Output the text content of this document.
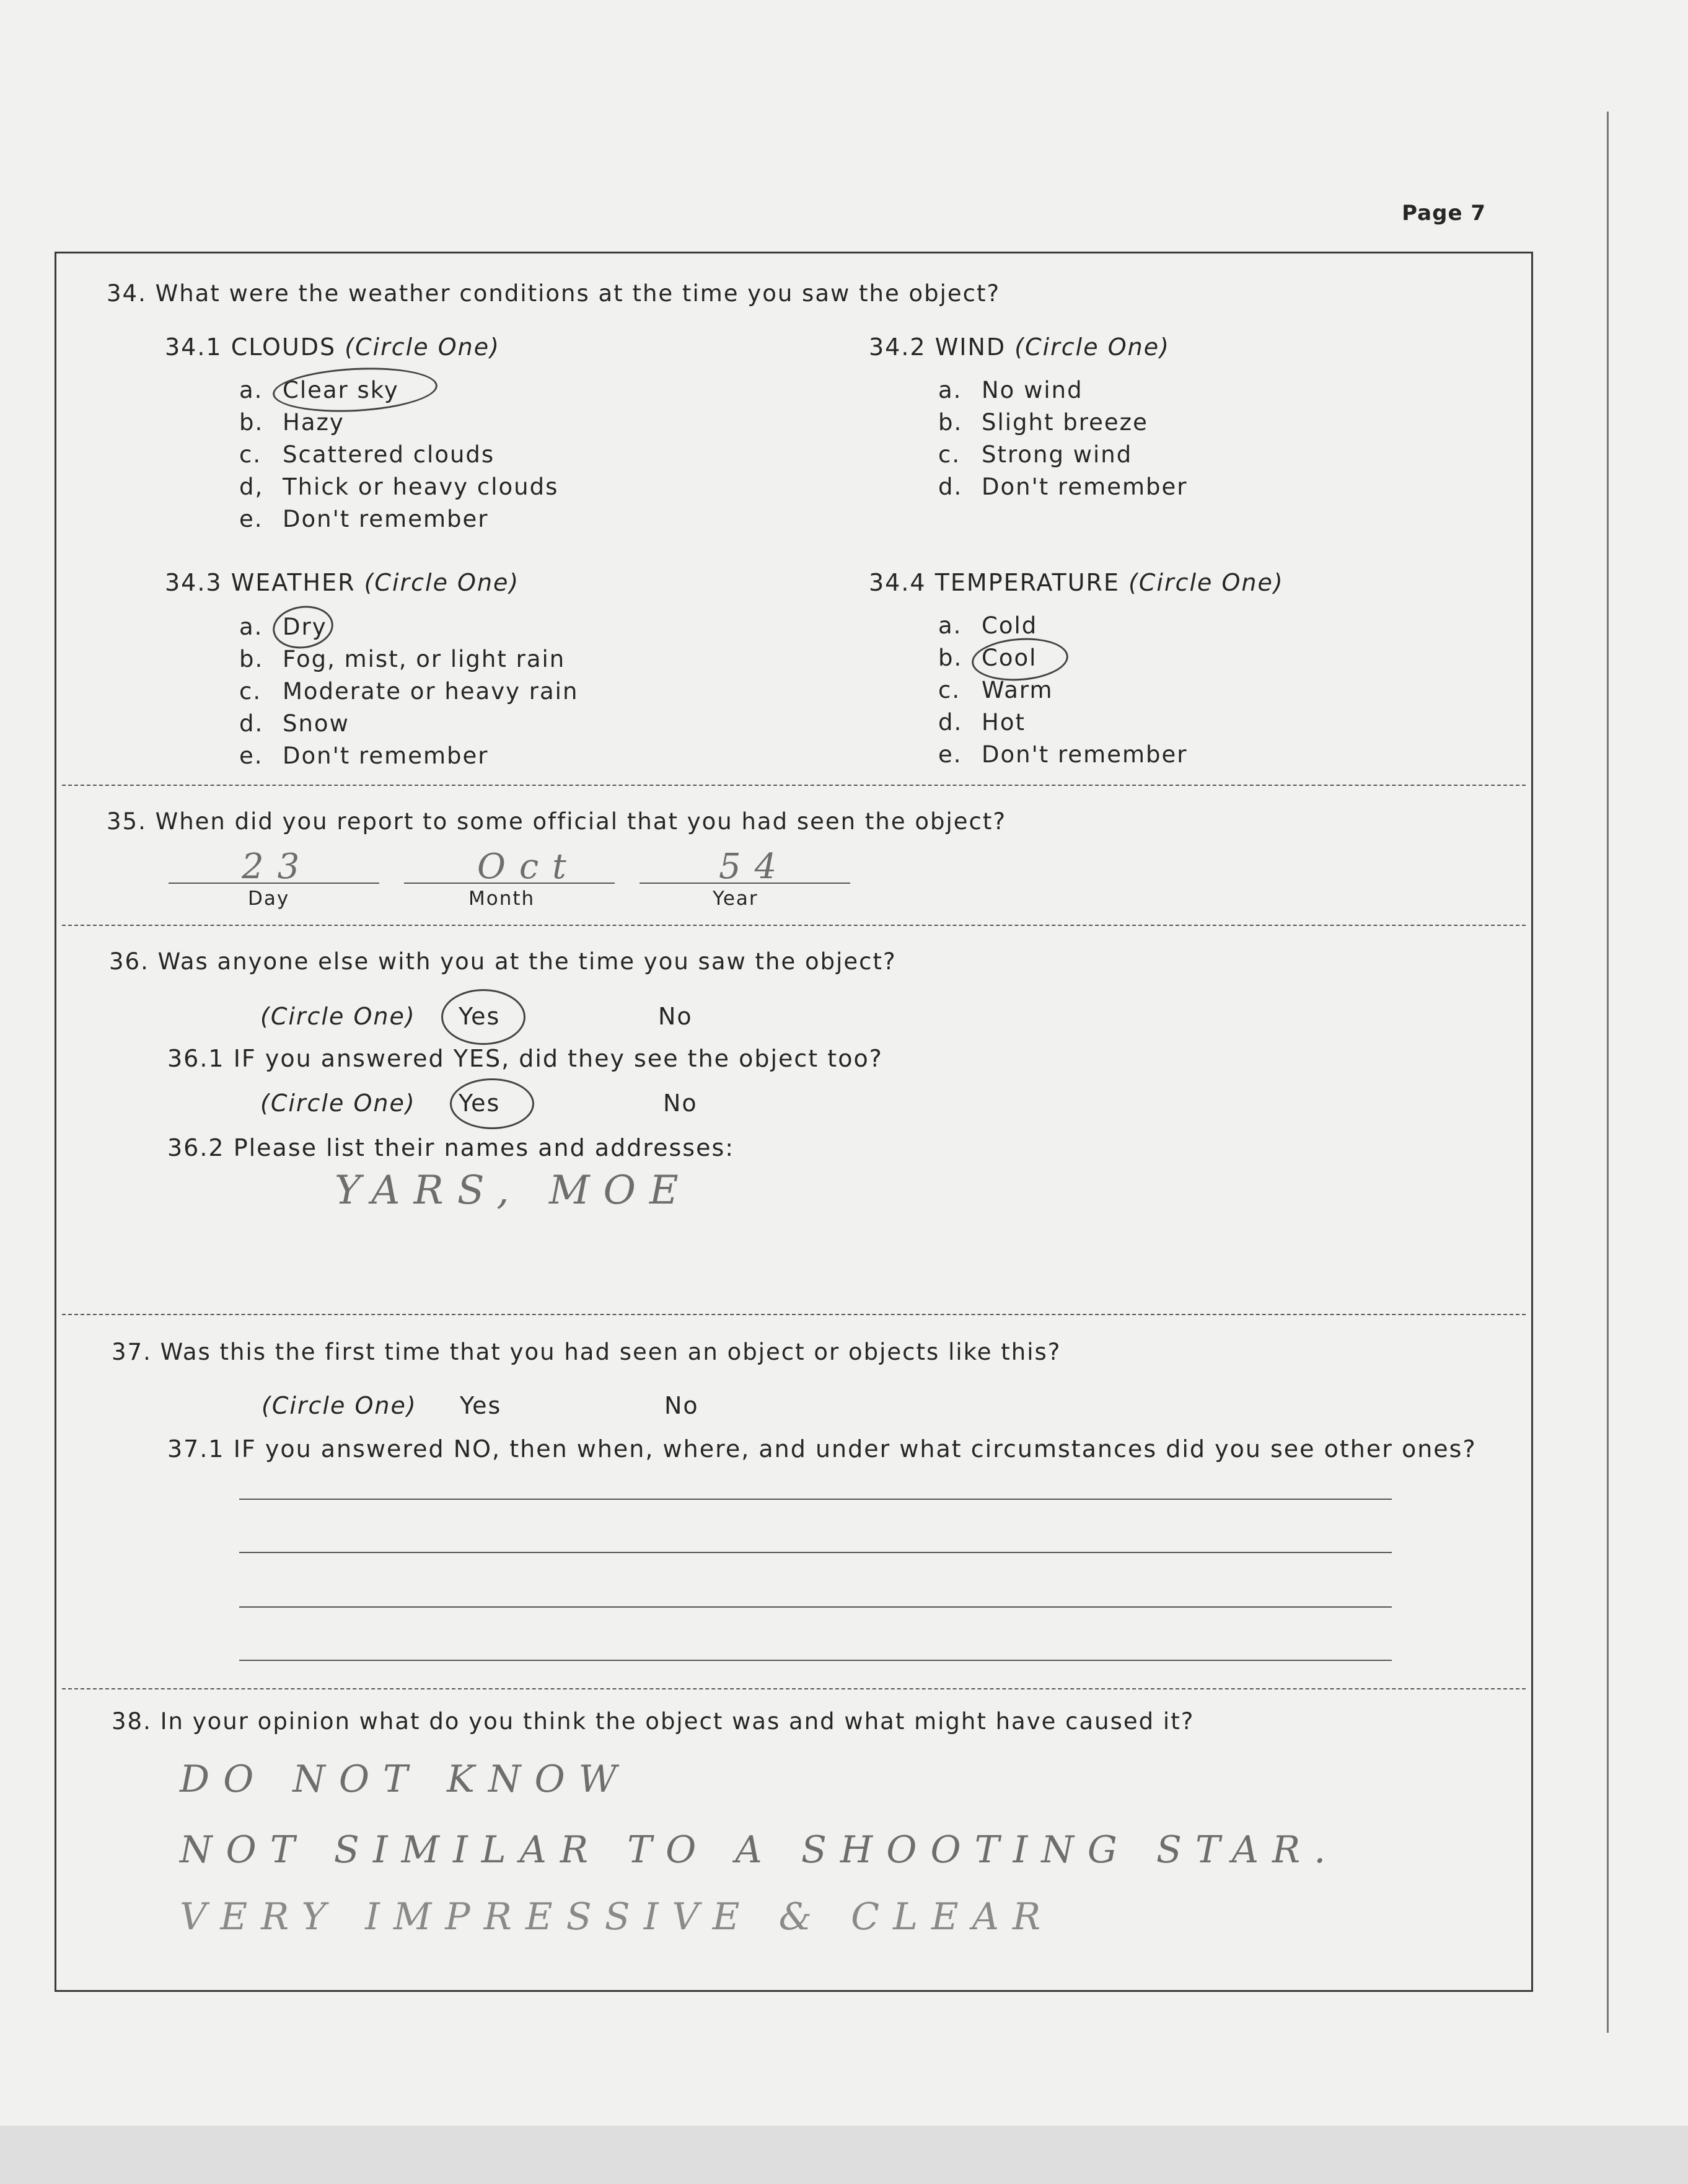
Page 7
34. What were the weather conditions at the time you saw the object?
34.1 CLOUDS (Circle One)
a. Clear sky
b. Hazy
c. Scattered clouds
d, Thick or heavy clouds
e. Don't remember
34.2 WIND (Circle One)
a. No wind
b. Slight breeze
c. Strong wind
d. Don't remember
34.3 WEATHER (Circle One)
a. Dry
b. Fog, mist, or light rain
c. Moderate or heavy rain
d. Snow
e. Don't remember
34.4 TEMPERATURE (Circle One)
a. Cold
b. Cool
c. Warm
d. Hot
e. Don't remember
35. When did you report to some official that you had seen the object?
23
Day
Oct
Month
54
Year
36. Was anyone else with you at the time you saw the object?
(Circle One) Yes	No
36.1 IF you answered YES, did they see the object too?
(Circle One) Yes	No
36.2 Please list their names and addresses:
YARS, MOE
37. Was this the first time that you had seen an object or objects like this?
(Circle One) Yes	No
37.1 IF you answered NO, then when, where, and under what circumstances did you see other ones?
38. In your opinion what do you think the object was and what might have caused it?
DO NOT KNOW
NOT SIMILAR TO A SHOOTING STAR.
VERY IMPRESSIVE & CLEAR
